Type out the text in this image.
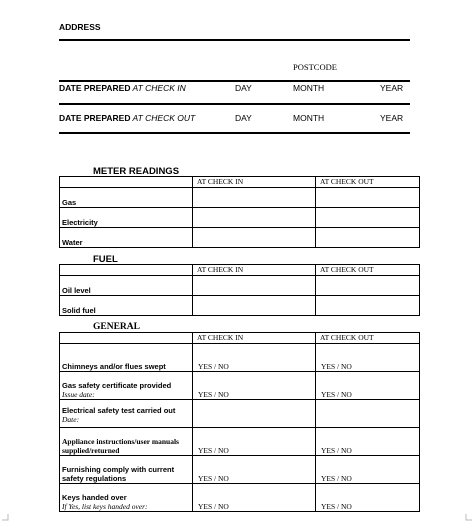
ADDRESS
POSTCODE
DATE PREPARED AT CHECK IN	DAY	MONTH	YEAR
DATE PREPARED AT CHECK OUT	DAY	MONTH	YEAR
METER READINGS
	AT CHECK IN	AT CHECK OUT
Gas		
Electricity		
Water		
FUEL
	AT CHECK IN	AT CHECK OUT
Oil level		
Solid fuel		
GENERAL
	AT CHECK IN	AT CHECK OUT
Chimneys and/or flues swept	YES / NO	YES / NO
Gas safety certificate provided
Issue date:	YES / NO	YES / NO
Electrical safety test carried out
Date:		

Appliance instructions/user manuals supplied/returned	YES / NO	YES / NO
Furnishing comply with current safety regulations	YES / NO	YES / NO
Keys handed over
If Yes, list keys handed over:	YES / NO	YES / NO
